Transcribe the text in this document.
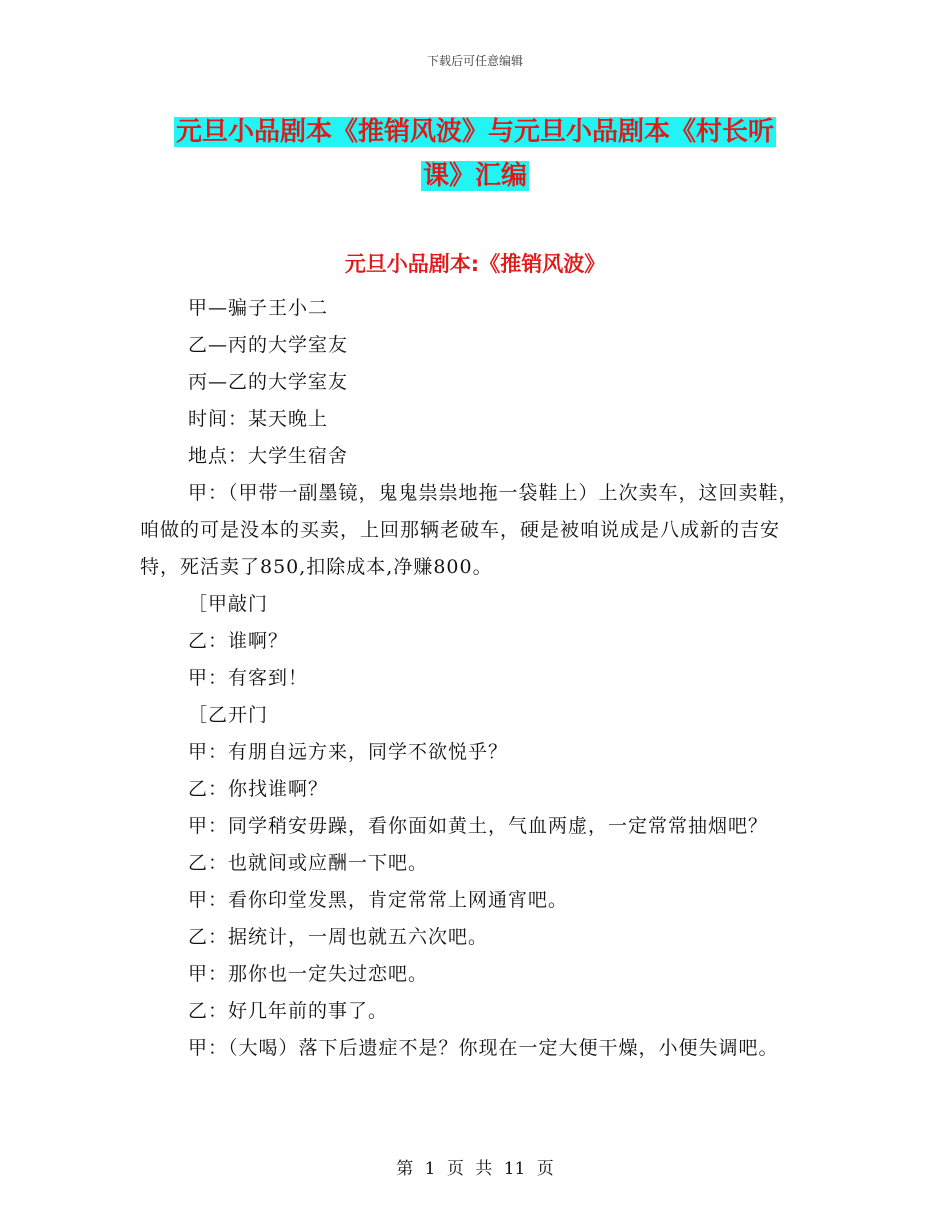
下载后可任意编辑
元旦小品剧本《推销风波》与元旦小品剧本《村长听
课》汇编
元旦小品剧本:《推销风波》

甲—骗子王小二

乙—丙的大学室友

丙—乙的大学室友

时间：某天晚上

地点：大学生宿舍

甲：（甲带一副墨镜，鬼鬼祟祟地拖一袋鞋上）上次卖车，这回卖鞋，咱做的可是没本的买卖，上回那辆老破车，硬是被咱说成是八成新的吉安特，死活卖了850,扣除成本,净赚800。

［甲敲门

乙：谁啊？

甲：有客到！

［乙开门

甲：有朋自远方来，同学不欲悦乎？

乙：你找谁啊？

甲：同学稍安毋躁，看你面如黄土，气血两虚，一定常常抽烟吧？

乙：也就间或应酬一下吧。

甲：看你印堂发黑，肯定常常上网通宵吧。

乙：据统计，一周也就五六次吧。

甲：那你也一定失过恋吧。

乙：好几年前的事了。

甲：（大喝）落下后遗症不是？你现在一定大便干燥，小便失调吧。

第 1 页 共 11 页
